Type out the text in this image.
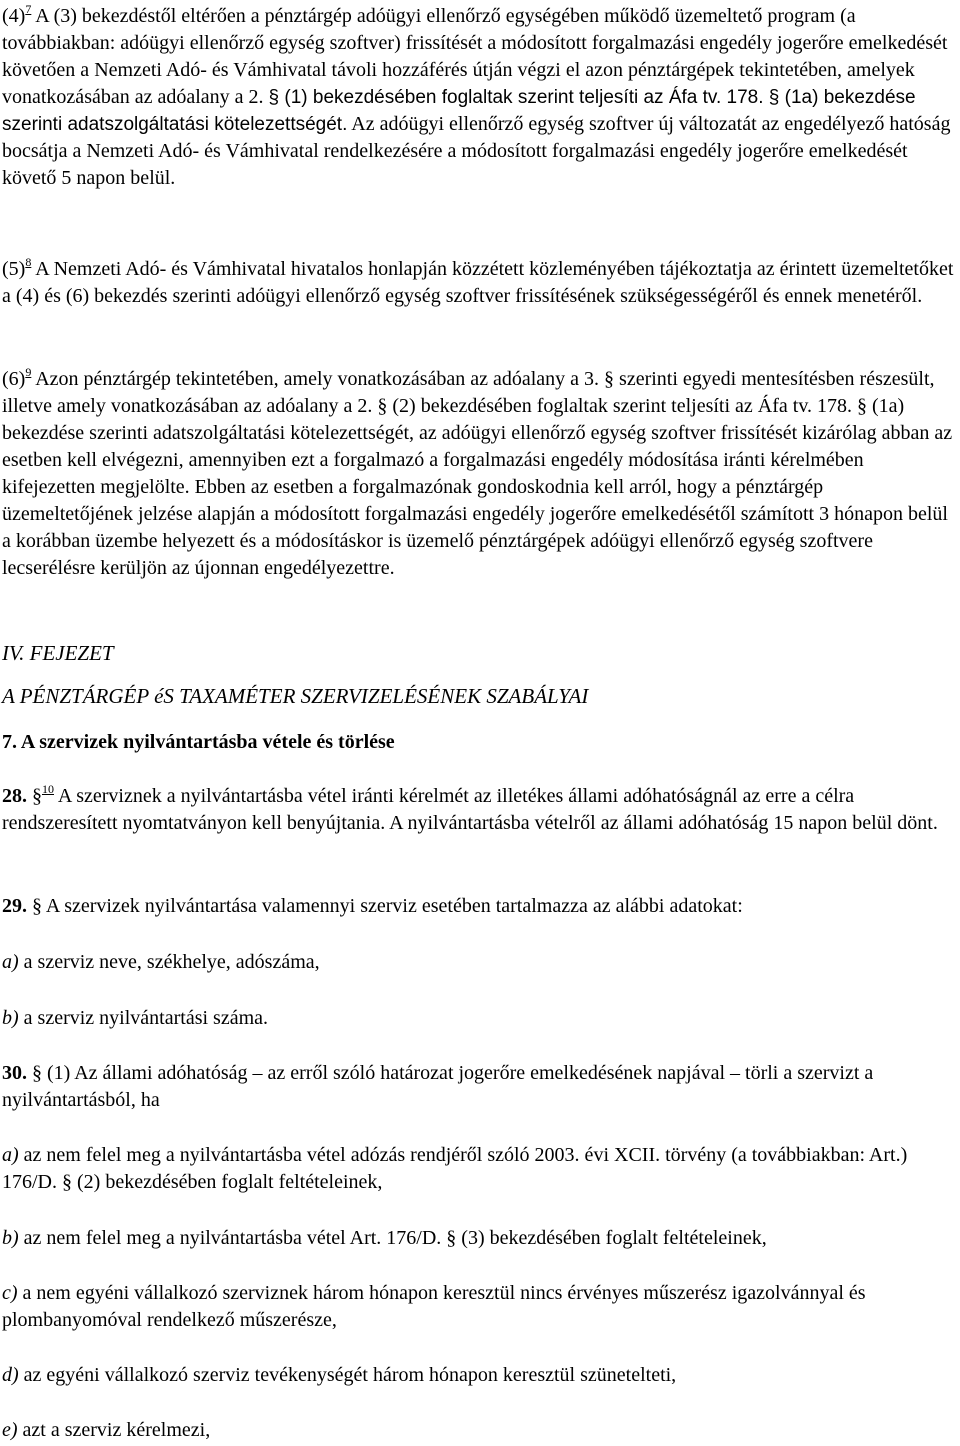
$(4)^7$ A (3) bekezdéstől eltérően a pénztárgép adóügyi ellenőrző egységében működő üzemeltető program (a továbbiakban: adóügyi ellenőrző egység szoftver) frissítését a módosított forgalmazási engedély jogerőre emelkedését követően a Nemzeti Adó- és Vámhivatal távoli hozzáférés útján végzi el azon pénztárgépek tekintetében, amelyek vonatkozásában az adóalany a 2. § (1) bekezdésében foglaltak szerint teljesíti az Áfa tv. 178. § (1a) bekezdése szerinti adatszolgáltatási kötelezettségét. Az adóügyi ellenőrző egység szoftver új változatát az engedélyező hatóság bocsátja a Nemzeti Adó- és Vámhivatal rendelkezésére a módosított forgalmazási engedély jogerőre emelkedését követő 5 napon belül.

$(5)^8$ A Nemzeti Adó- és Vámhivatal hivatalos honlapján közzétett közleményében tájékoztatja az érintett üzemeltetőket a (4) és (6) bekezdés szerinti adóügyi ellenőrző egység szoftver frissítésének szükségességéről és ennek menetéről.

$(6)^9$ Azon pénztárgép tekintetében, amely vonatkozásában az adóalany a 3. § szerinti egyedi mentesítésben részesült, illetve amely vonatkozásában az adóalany a 2. § (2) bekezdésében foglaltak szerint teljesíti az Áfa tv. 178. § (1a) bekezdése szerinti adatszolgáltatási kötelezettségét, az adóügyi ellenőrző egység szoftver frissítését kizárólag abban az esetben kell elvégezni, amennyiben ezt a forgalmazó a forgalmazási engedély módosítása iránti kérelmében kifejezetten megjelölte. Ebben az esetben a forgalmazónak gondoskodnia kell arról, hogy a pénztárgép üzemeltetőjének jelzése alapján a módosított forgalmazási engedély jogerőre emelkedésétől számított 3 hónapon belül a korábban üzembe helyezett és a módosításkor is üzemelő pénztárgépek adóügyi ellenőrző egység szoftvere lecserélésre kerüljön az újonnan engedélyezettre.

IV. FEJEZET

A PÉNZTÁRGÉP éS TAXAMÉTER SZERVIZELÉSÉNEK SZABÁLYAI

7. A szervizek nyilvántartásba vétele és törlése

28. §$^{10}$ A szerviznek a nyilvántartásba vétel iránti kérelmét az illetékes állami adóhatóságnál az erre a célra rendszeresített nyomtatványon kell benyújtania. A nyilvántartásba vételről az állami adóhatóság 15 napon belül dönt.

29. § A szervizek nyilvántartása valamennyi szerviz esetében tartalmazza az alábbi adatokat:

a) a szerviz neve, székhelye, adószáma,

b) a szerviz nyilvántartási száma.

30. § (1) Az állami adóhatóság – az erről szóló határozat jogerőre emelkedésének napjával – törli a szervizt a nyilvántartásból, ha

a) az nem felel meg a nyilvántartásba vétel adózás rendjéről szóló 2003. évi XCII. törvény (a továbbiakban: Art.) 176/D. § (2) bekezdésében foglalt feltételeinek,

b) az nem felel meg a nyilvántartásba vétel Art. 176/D. § (3) bekezdésében foglalt feltételeinek,

c) a nem egyéni vállalkozó szerviznek három hónapon keresztül nincs érvényes műszerész igazolvánnyal és plombanyomóval rendelkező műszerésze,

d) az egyéni vállalkozó szerviz tevékenységét három hónapon keresztül szünetelteti,

e) azt a szerviz kérelmezi,
